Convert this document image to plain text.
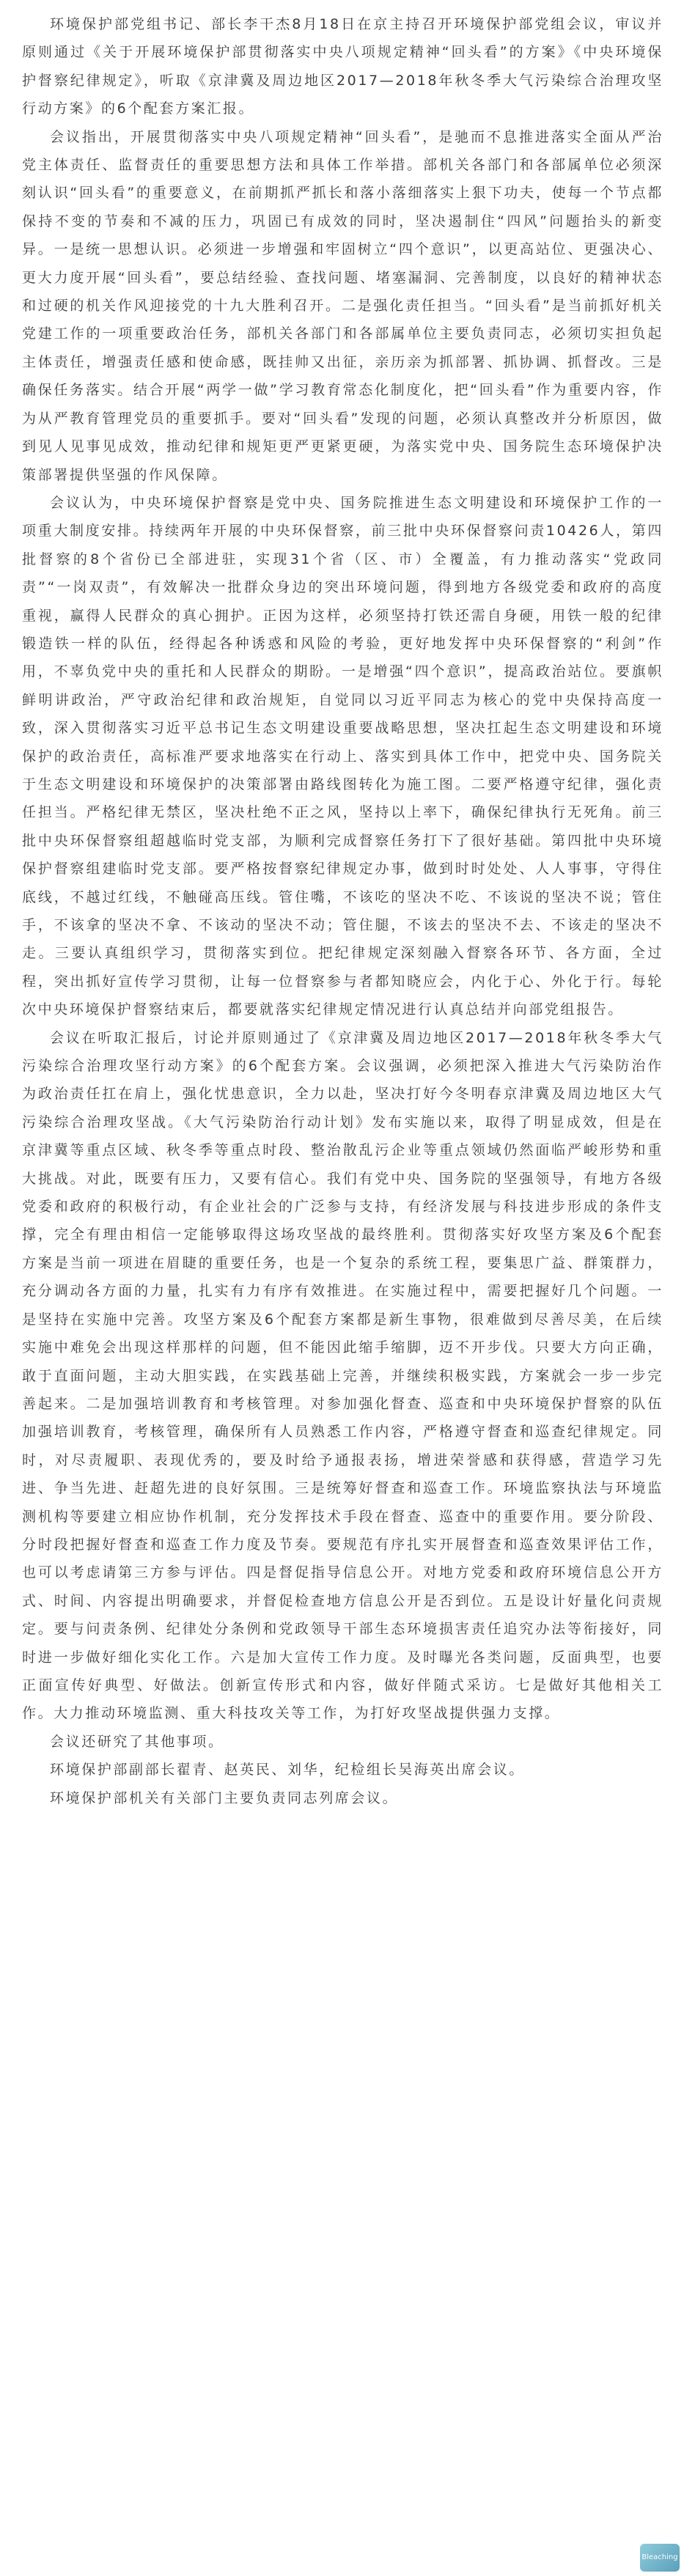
环境保护部党组书记、部长李干杰8月18日在京主持召开环境保护部党组会议，审议并原则通过《关于开展环境保护部贯彻落实中央八项规定精神“回头看”的方案》《中央环境保护督察纪律规定》，听取《京津冀及周边地区2017—2018年秋冬季大气污染综合治理攻坚行动方案》的6个配套方案汇报。

会议指出，开展贯彻落实中央八项规定精神“回头看”，是驰而不息推进落实全面从严治党主体责任、监督责任的重要思想方法和具体工作举措。部机关各部门和各部属单位必须深刻认识“回头看”的重要意义，在前期抓严抓长和落小落细落实上狠下功夫，使每一个节点都保持不变的节奏和不减的压力，巩固已有成效的同时，坚决遏制住“四风”问题抬头的新变异。一是统一思想认识。必须进一步增强和牢固树立“四个意识”，以更高站位、更强决心、更大力度开展“回头看”，要总结经验、查找问题、堵塞漏洞、完善制度，以良好的精神状态和过硬的机关作风迎接党的十九大胜利召开。二是强化责任担当。“回头看”是当前抓好机关党建工作的一项重要政治任务，部机关各部门和各部属单位主要负责同志，必须切实担负起主体责任，增强责任感和使命感，既挂帅又出征，亲历亲为抓部署、抓协调、抓督改。三是确保任务落实。结合开展“两学一做”学习教育常态化制度化，把“回头看”作为重要内容，作为从严教育管理党员的重要抓手。要对“回头看”发现的问题，必须认真整改并分析原因，做到见人见事见成效，推动纪律和规矩更严更紧更硬，为落实党中央、国务院生态环境保护决策部署提供坚强的作风保障。

会议认为，中央环境保护督察是党中央、国务院推进生态文明建设和环境保护工作的一项重大制度安排。持续两年开展的中央环保督察，前三批中央环保督察问责10426人，第四批督察的8个省份已全部进驻，实现31个省（区、市）全覆盖，有力推动落实“党政同责”“一岗双责”，有效解决一批群众身边的突出环境问题，得到地方各级党委和政府的高度重视，赢得人民群众的真心拥护。正因为这样，必须坚持打铁还需自身硬，用铁一般的纪律锻造铁一样的队伍，经得起各种诱惑和风险的考验，更好地发挥中央环保督察的“利剑”作用，不辜负党中央的重托和人民群众的期盼。一是增强“四个意识”，提高政治站位。要旗帜鲜明讲政治，严守政治纪律和政治规矩，自觉同以习近平同志为核心的党中央保持高度一致，深入贯彻落实习近平总书记生态文明建设重要战略思想，坚决扛起生态文明建设和环境保护的政治责任，高标准严要求地落实在行动上、落实到具体工作中，把党中央、国务院关于生态文明建设和环境保护的决策部署由路线图转化为施工图。二要严格遵守纪律，强化责任担当。严格纪律无禁区，坚决杜绝不正之风，坚持以上率下，确保纪律执行无死角。前三批中央环保督察组超越临时党支部，为顺利完成督察任务打下了很好基础。第四批中央环境保护督察组建临时党支部。要严格按督察纪律规定办事，做到时时处处、人人事事，守得住底线，不越过红线，不触碰高压线。管住嘴，不该吃的坚决不吃、不该说的坚决不说；管住手，不该拿的坚决不拿、不该动的坚决不动；管住腿，不该去的坚决不去、不该走的坚决不走。三要认真组织学习，贯彻落实到位。把纪律规定深刻融入督察各环节、各方面，全过程，突出抓好宣传学习贯彻，让每一位督察参与者都知晓应会，内化于心、外化于行。每轮次中央环境保护督察结束后，都要就落实纪律规定情况进行认真总结并向部党组报告。

会议在听取汇报后，讨论并原则通过了《京津冀及周边地区2017—2018年秋冬季大气污染综合治理攻坚行动方案》的6个配套方案。会议强调，必须把深入推进大气污染防治作为政治责任扛在肩上，强化忧患意识，全力以赴，坚决打好今冬明春京津冀及周边地区大气污染综合治理攻坚战。《大气污染防治行动计划》发布实施以来，取得了明显成效，但是在京津冀等重点区域、秋冬季等重点时段、整治散乱污企业等重点领域仍然面临严峻形势和重大挑战。对此，既要有压力，又要有信心。我们有党中央、国务院的坚强领导，有地方各级党委和政府的积极行动，有企业社会的广泛参与支持，有经济发展与科技进步形成的条件支撑，完全有理由相信一定能够取得这场攻坚战的最终胜利。贯彻落实好攻坚方案及6个配套方案是当前一项进在眉睫的重要任务，也是一个复杂的系统工程，要集思广益、群策群力，充分调动各方面的力量，扎实有力有序有效推进。在实施过程中，需要把握好几个问题。一是坚持在实施中完善。攻坚方案及6个配套方案都是新生事物，很难做到尽善尽美，在后续实施中难免会出现这样那样的问题，但不能因此缩手缩脚，迈不开步伐。只要大方向正确，敢于直面问题，主动大胆实践，在实践基础上完善，并继续积极实践，方案就会一步一步完善起来。二是加强培训教育和考核管理。对参加强化督查、巡查和中央环境保护督察的队伍加强培训教育，考核管理，确保所有人员熟悉工作内容，严格遵守督查和巡查纪律规定。同时，对尽责履职、表现优秀的，要及时给予通报表扬，增进荣誉感和获得感，营造学习先进、争当先进、赶超先进的良好氛围。三是统筹好督查和巡查工作。环境监察执法与环境监测机构等要建立相应协作机制，充分发挥技术手段在督查、巡查中的重要作用。要分阶段、分时段把握好督查和巡查工作力度及节奏。要规范有序扎实开展督查和巡查效果评估工作，也可以考虑请第三方参与评估。四是督促指导信息公开。对地方党委和政府环境信息公开方式、时间、内容提出明确要求，并督促检查地方信息公开是否到位。五是设计好量化问责规定。要与问责条例、纪律处分条例和党政领导干部生态环境损害责任追究办法等衔接好，同时进一步做好细化实化工作。六是加大宣传工作力度。及时曝光各类问题，反面典型，也要正面宣传好典型、好做法。创新宣传形式和内容，做好伴随式采访。七是做好其他相关工作。大力推动环境监测、重大科技攻关等工作，为打好攻坚战提供强力支撑。

会议还研究了其他事项。

环境保护部副部长翟青、赵英民、刘华，纪检组长吴海英出席会议。

环境保护部机关有关部门主要负责同志列席会议。

Bleaching
